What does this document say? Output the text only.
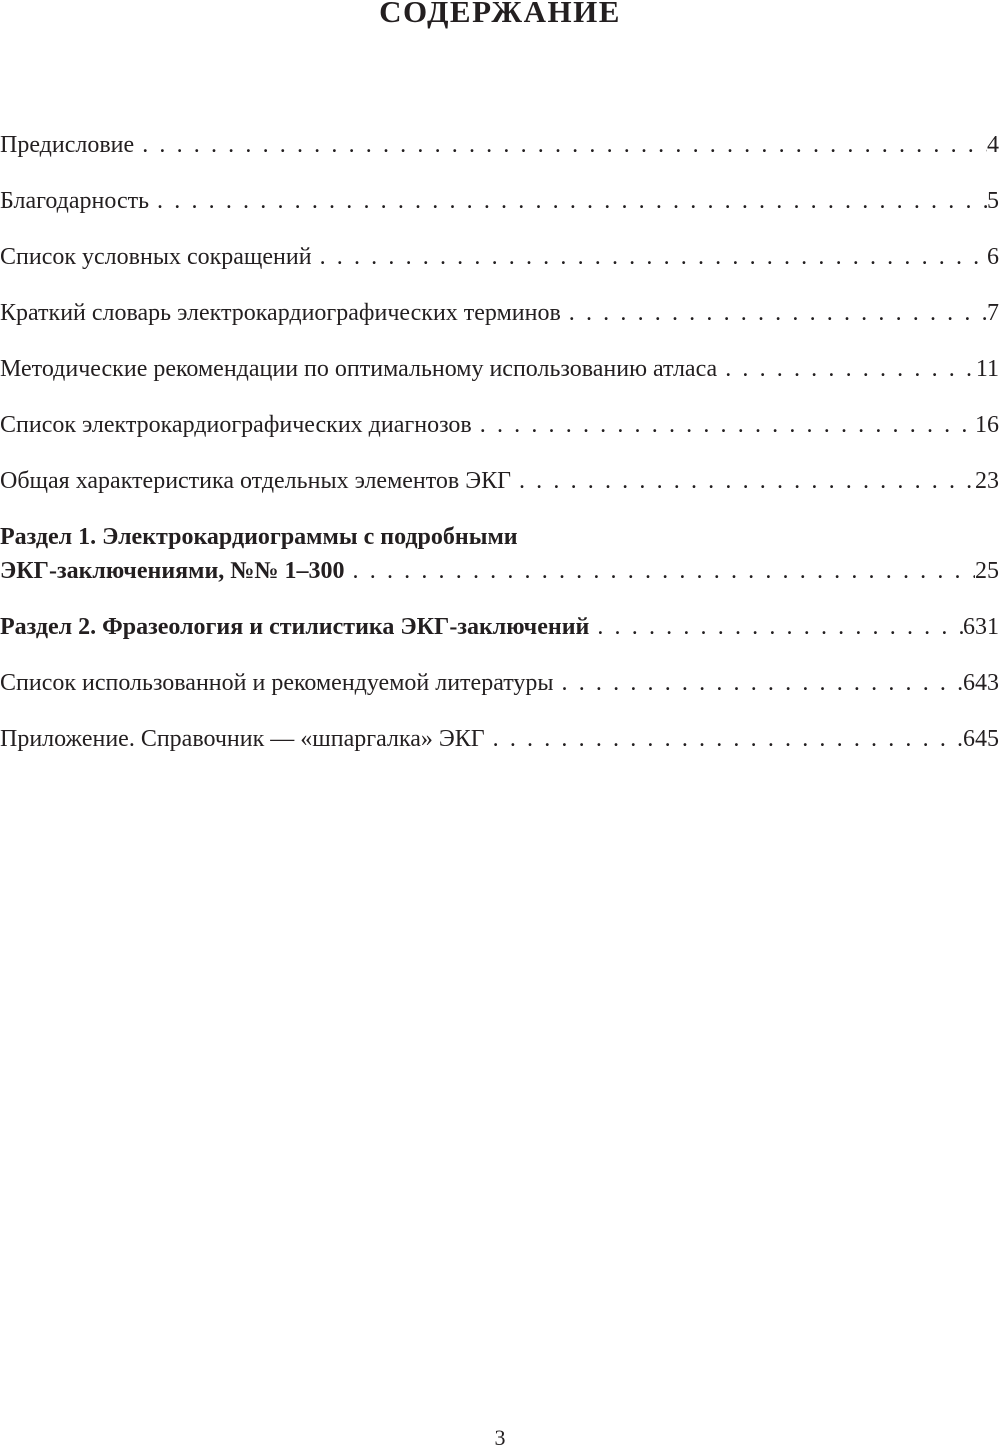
СОДЕРЖАНИЕ
Предисловие . . .	4
Благодарность . . .	5
Список условных сокращений . . .	6
Краткий словарь электрокардиографических терминов . . .	7
Методические рекомендации по оптимальному использованию атласа . . .	11
Список электрокардиографических диагнозов . . .	16
Общая характеристика отдельных элементов ЭКГ . . .	23
Раздел 1. Электрокардиограммы с подробными
ЭКГ-заключениями, №№ 1–300 . . .	25
Раздел 2. Фразеология и стилистика ЭКГ-заключений . . .	631
Список использованной и рекомендуемой литературы . . .	643
Приложение. Справочник — «шпаргалка» ЭКГ . . .	645
3
